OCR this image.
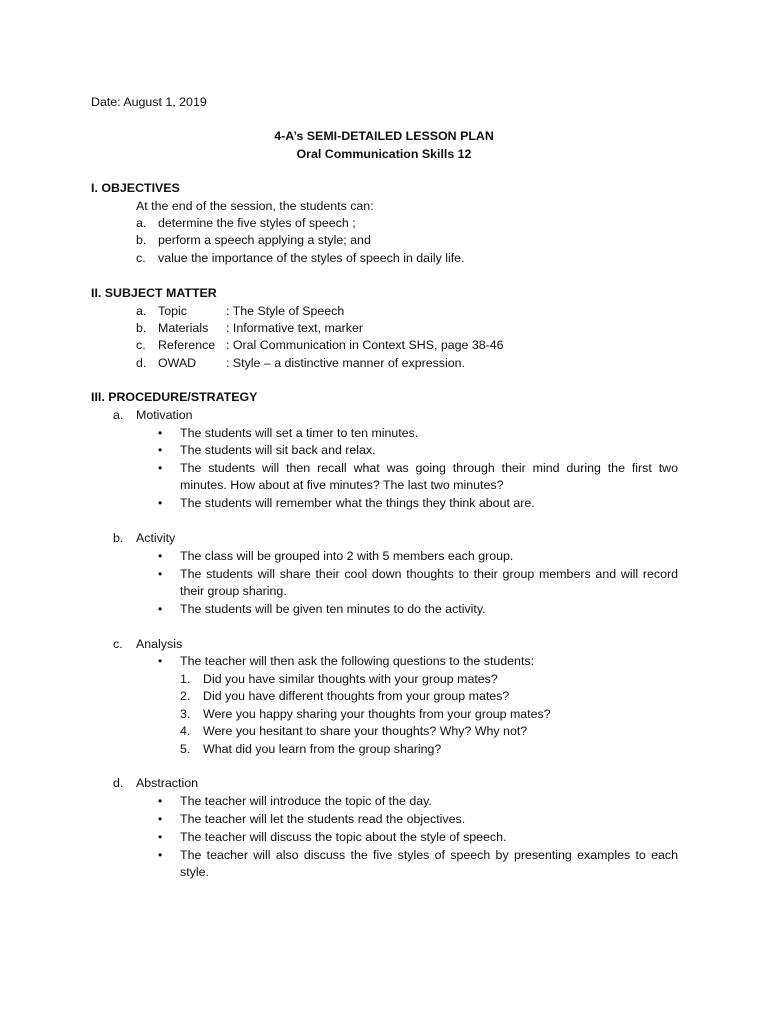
Date: August 1, 2019
4-A’s SEMI-DETAILED LESSON PLAN
Oral Communication Skills 12
I. OBJECTIVES
At the end of the session, the students can:
a. determine the five styles of speech ;
b. perform a speech applying a style; and
c. value the importance of the styles of speech in daily life.
II. SUBJECT MATTER
a. Topic	: The Style of Speech
b. Materials : Informative text, marker
c. Reference : Oral Communication in Context SHS, page 38-46
d. OWAD : Style – a distinctive manner of expression.
III. PROCEDURE/STRATEGY
a. Motivation
• The students will set a timer to ten minutes.
• The students will sit back and relax.
• The students will then recall what was going through their mind during the first two minutes. How about at five minutes? The last two minutes?
• The students will remember what the things they think about are.
b. Activity
• The class will be grouped into 2 with 5 members each group.
• The students will share their cool down thoughts to their group members and will record their group sharing.
• The students will be given ten minutes to do the activity.
c. Analysis
• The teacher will then ask the following questions to the students:
1. Did you have similar thoughts with your group mates?
2. Did you have different thoughts from your group mates?
3. Were you happy sharing your thoughts from your group mates?
4. Were you hesitant to share your thoughts? Why? Why not?
5. What did you learn from the group sharing?
d. Abstraction
• The teacher will introduce the topic of the day.
• The teacher will let the students read the objectives.
• The teacher will discuss the topic about the style of speech.
• The teacher will also discuss the five styles of speech by presenting examples to each style.
